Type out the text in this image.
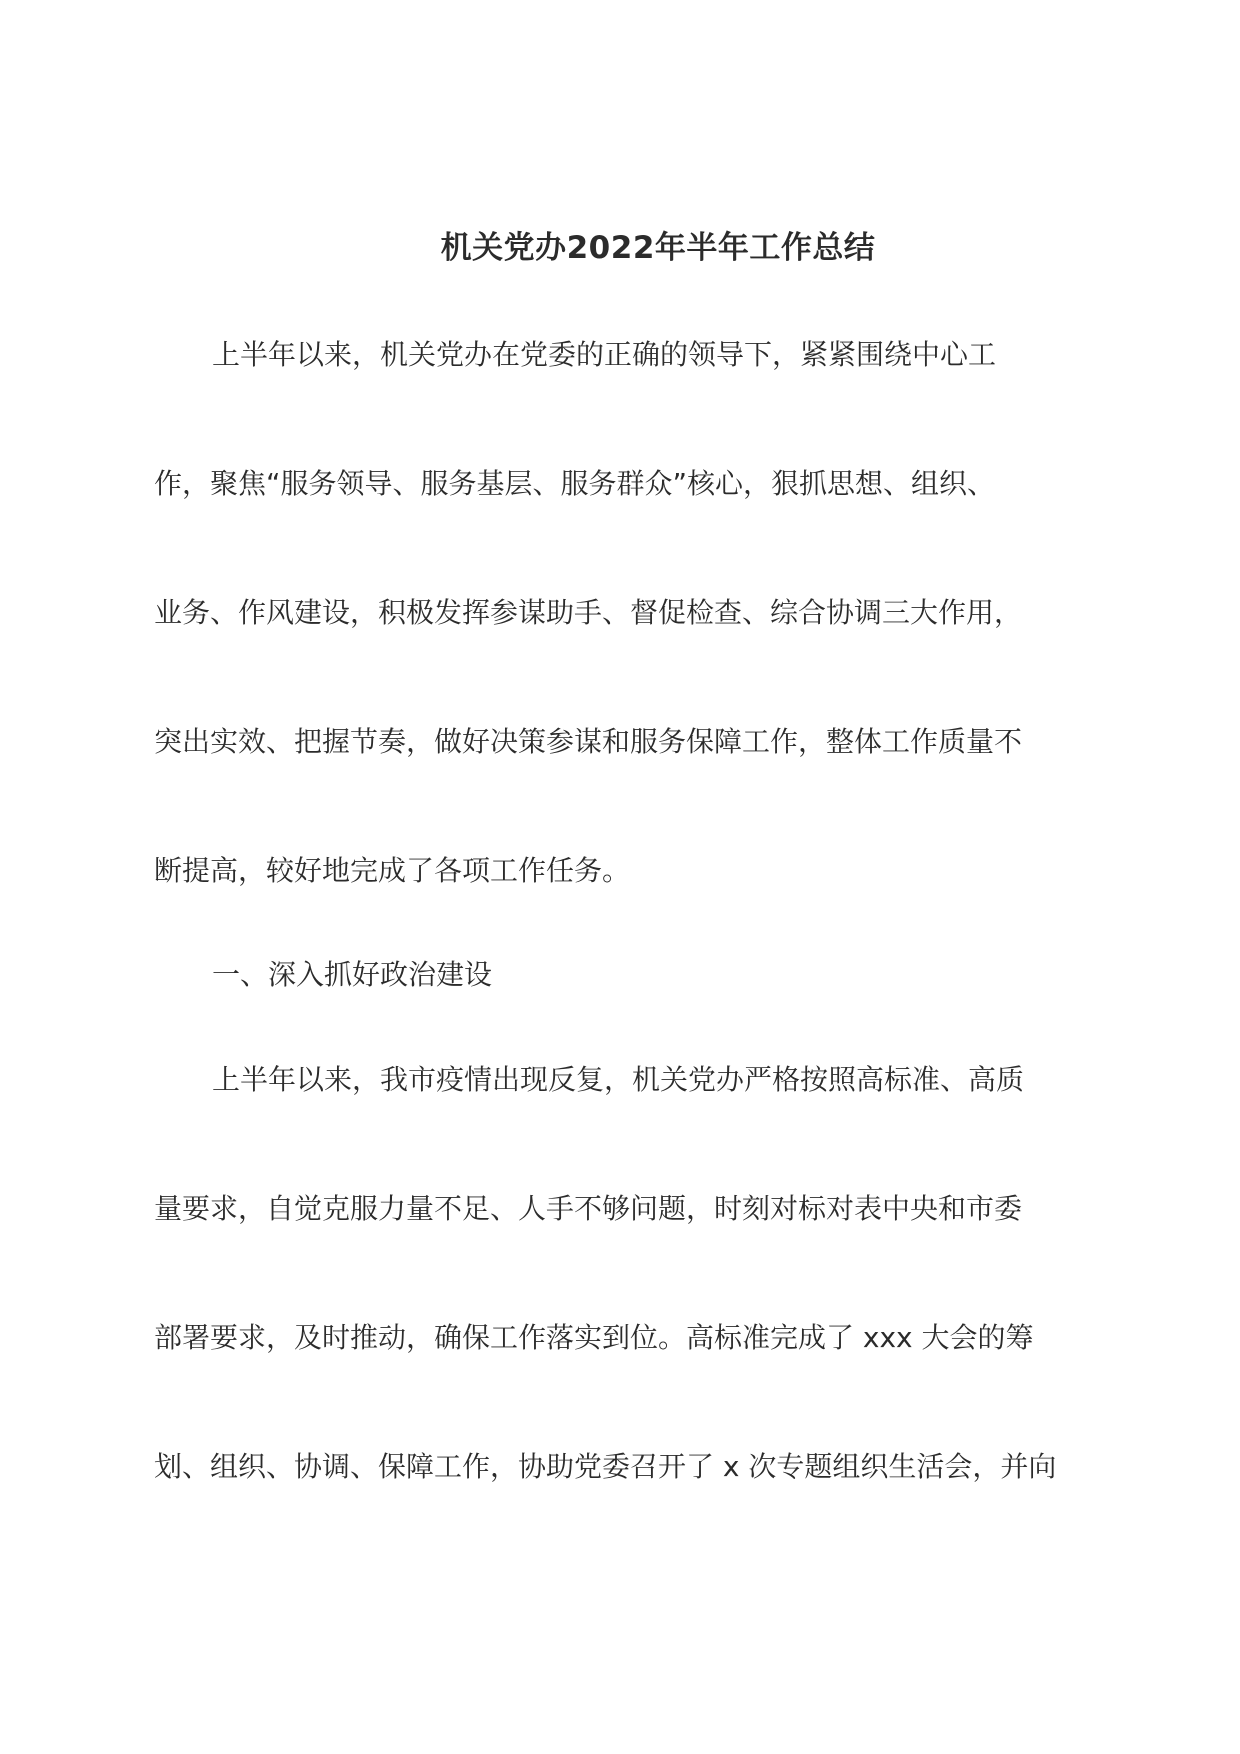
机关党办2022年半年工作总结
上半年以来，机关党办在党委的正确的领导下，紧紧围绕中心工
作，聚焦“服务领导、服务基层、服务群众”核心，狠抓思想、组织、
业务、作风建设，积极发挥参谋助手、督促检查、综合协调三大作用，
突出实效、把握节奏，做好决策参谋和服务保障工作，整体工作质量不
断提高，较好地完成了各项工作任务。
一、深入抓好政治建设
上半年以来，我市疫情出现反复，机关党办严格按照高标准、高质
量要求，自觉克服力量不足、人手不够问题，时刻对标对表中央和市委
部署要求，及时推动，确保工作落实到位。高标准完成了 xxx 大会的筹
划、组织、协调、保障工作，协助党委召开了 x 次专题组织生活会，并向
